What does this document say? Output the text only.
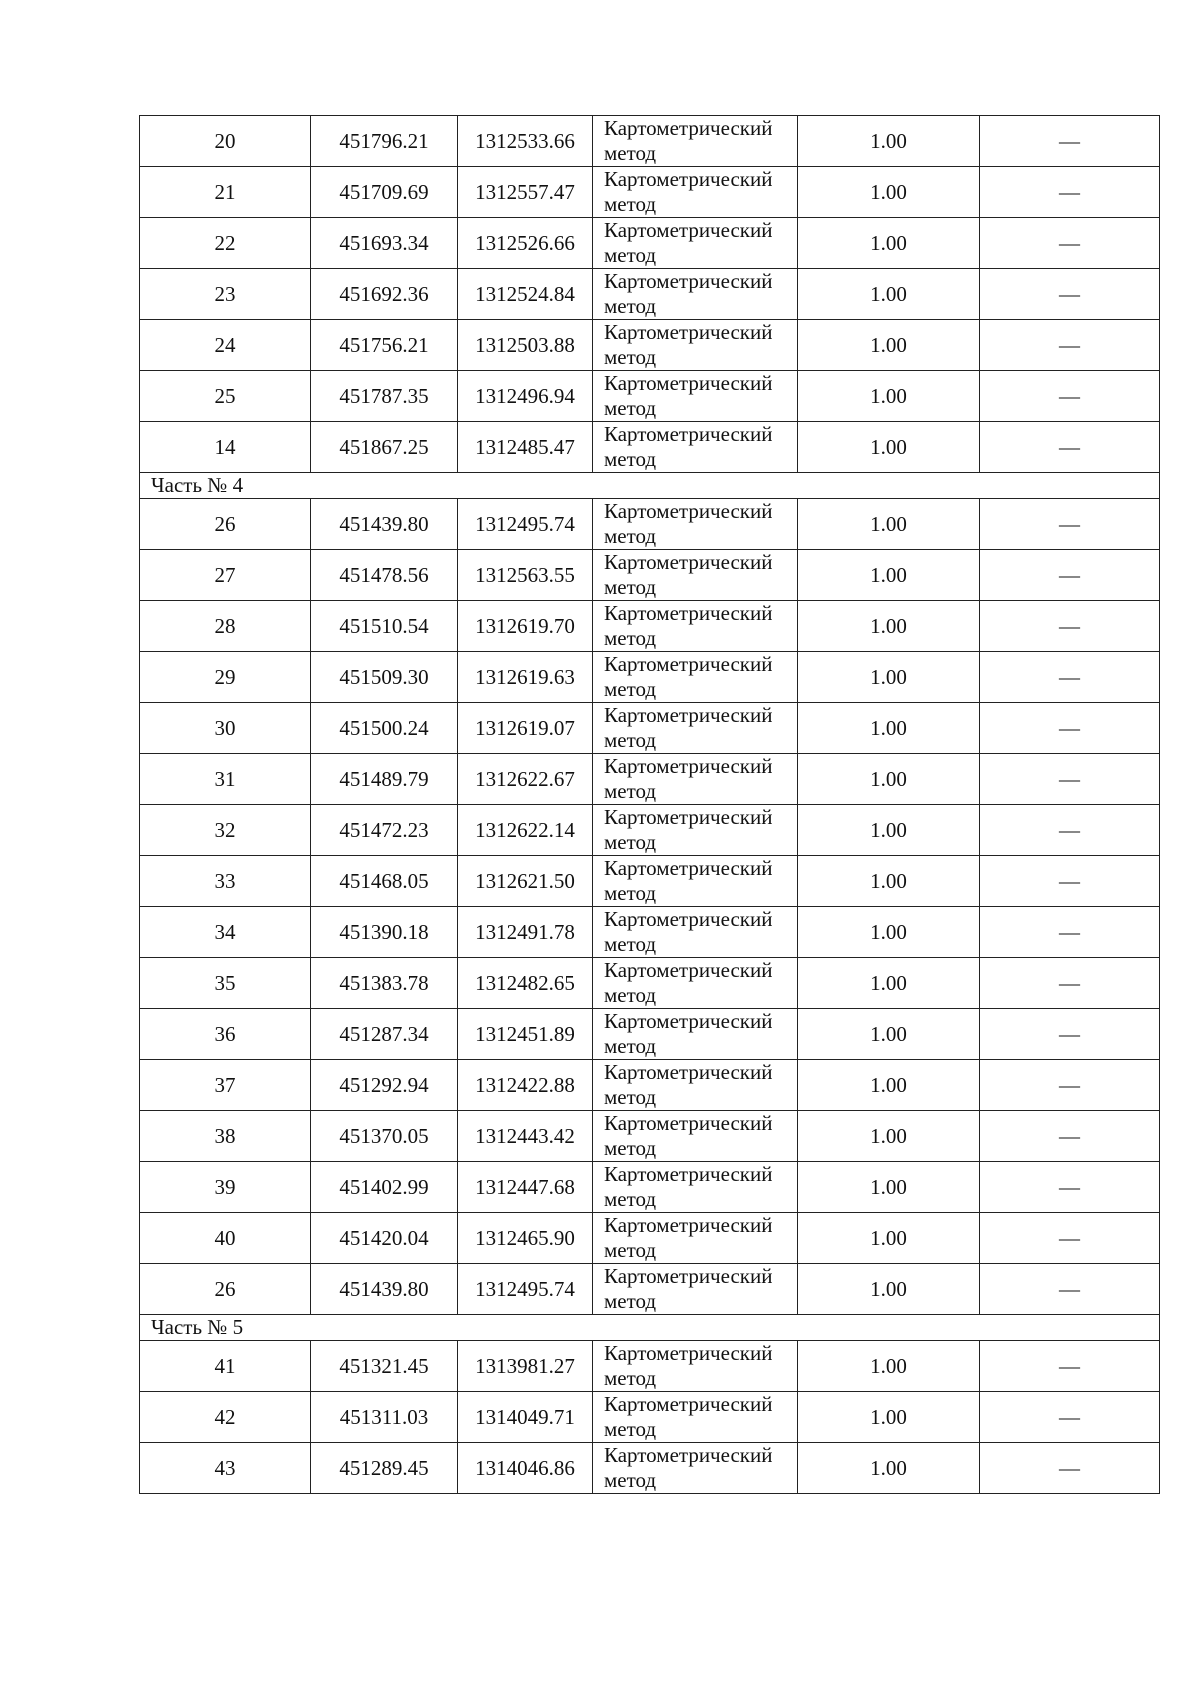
20	451796.21	1312533.66	Картометрический
метод	1.00	—
21	451709.69	1312557.47	Картометрический
метод	1.00	—
22	451693.34	1312526.66	Картометрический
метод	1.00	—
23	451692.36	1312524.84	Картометрический
метод	1.00	—
24	451756.21	1312503.88	Картометрический
метод	1.00	—
25	451787.35	1312496.94	Картометрический
метод	1.00	—
14	451867.25	1312485.47	Картометрический
метод	1.00	—
Часть № 4					
26	451439.80	1312495.74	Картометрический
метод	1.00	—
27	451478.56	1312563.55	Картометрический
метод	1.00	—
28	451510.54	1312619.70	Картометрический
метод	1.00	—
29	451509.30	1312619.63	Картометрический
метод	1.00	—
30	451500.24	1312619.07	Картометрический
метод	1.00	—
31	451489.79	1312622.67	Картометрический
метод	1.00	—
32	451472.23	1312622.14	Картометрический
метод	1.00	—
33	451468.05	1312621.50	Картометрический
метод	1.00	—
34	451390.18	1312491.78	Картометрический
метод	1.00	—
35	451383.78	1312482.65	Картометрический
метод	1.00	—
36	451287.34	1312451.89	Картометрический
метод	1.00	—
37	451292.94	1312422.88	Картометрический
метод	1.00	—
38	451370.05	1312443.42	Картометрический
метод	1.00	—
39	451402.99	1312447.68	Картометрический
метод	1.00	—
40	451420.04	1312465.90	Картометрический
метод	1.00	—
26	451439.80	1312495.74	Картометрический
метод	1.00	—
Часть № 5					
41	451321.45	1313981.27	Картометрический
метод	1.00	—
42	451311.03	1314049.71	Картометрический
метод	1.00	—
43	451289.45	1314046.86	Картометрический
метод	1.00	—
